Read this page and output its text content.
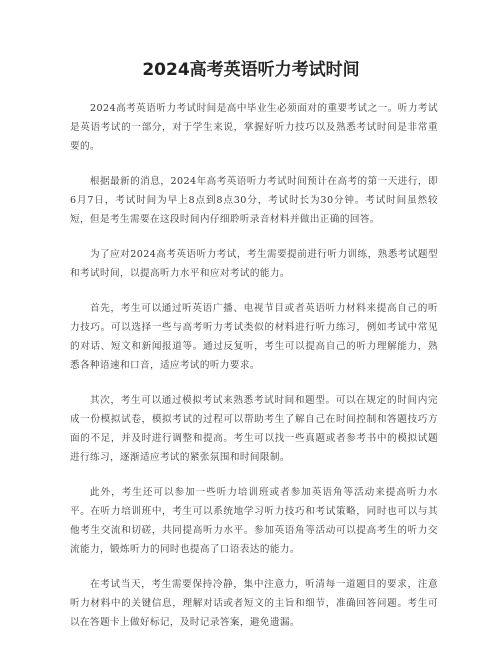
2024高考英语听力考试时间

2024高考英语听力考试时间是高中毕业生必须面对的重要考试之一。听力考试是英语考试的一部分，对于学生来说，掌握好听力技巧以及熟悉考试时间是非常重要的。

根据最新的消息，2024年高考英语听力考试时间预计在高考的第一天进行，即6月7日，考试时间为早上8点到8点30分，考试时长为30分钟。考试时间虽然较短，但是考生需要在这段时间内仔细聆听录音材料并做出正确的回答。

为了应对2024高考英语听力考试，考生需要提前进行听力训练，熟悉考试题型和考试时间，以提高听力水平和应对考试的能力。

首先，考生可以通过听英语广播、电视节目或者英语听力材料来提高自己的听力技巧。可以选择一些与高考听力考试类似的材料进行听力练习，例如考试中常见的对话、短文和新闻报道等。通过反复听，考生可以提高自己的听力理解能力，熟悉各种语速和口音，适应考试的听力要求。

其次，考生可以通过模拟考试来熟悉考试时间和题型。可以在规定的时间内完成一份模拟试卷，模拟考试的过程可以帮助考生了解自己在时间控制和答题技巧方面的不足，并及时进行调整和提高。考生可以找一些真题或者参考书中的模拟试题进行练习，逐渐适应考试的紧张氛围和时间限制。

此外，考生还可以参加一些听力培训班或者参加英语角等活动来提高听力水平。在听力培训班中，考生可以系统地学习听力技巧和考试策略，同时也可以与其他考生交流和切磋，共同提高听力水平。参加英语角等活动可以提高考生的听力交流能力，锻炼听力的同时也提高了口语表达的能力。

在考试当天，考生需要保持冷静，集中注意力，听清每一道题目的要求，注意听力材料中的关键信息，理解对话或者短文的主旨和细节，准确回答问题。考生可以在答题卡上做好标记，及时记录答案，避免遗漏。
